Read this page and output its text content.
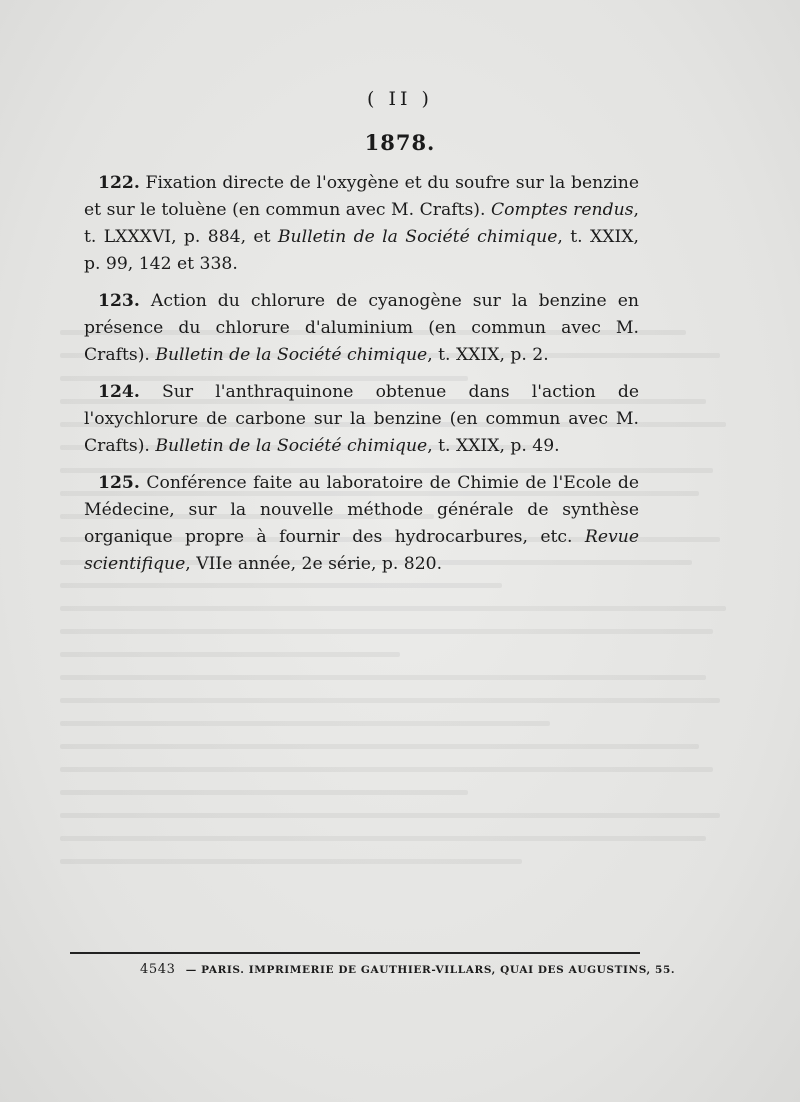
( II )
1878.

122. Fixation directe de l'oxygène et du soufre sur la benzine et sur le toluène (en commun avec M. Crafts). Comptes rendus, t. LXXXVI, p. 884, et Bulletin de la Société chimique, t. XXIX, p. 99, 142 et 338.

123. Action du chlorure de cyanogène sur la benzine en présence du chlorure d'aluminium (en commun avec M. Crafts). Bulletin de la Société chimique, t. XXIX, p. 2.

124. Sur l'anthraquinone obtenue dans l'action de l'oxychlorure de carbone sur la benzine (en commun avec M. Crafts). Bulletin de la Société chimique, t. XXIX, p. 49.

125. Conférence faite au laboratoire de Chimie de l'Ecole de Médecine, sur la nouvelle méthode générale de synthèse organique propre à fournir des hydrocarbures, etc. Revue scientifique, VIIe année, 2e série, p. 820.

4543 — PARIS. IMPRIMERIE DE GAUTHIER-VILLARS, QUAI DES AUGUSTINS, 55.
